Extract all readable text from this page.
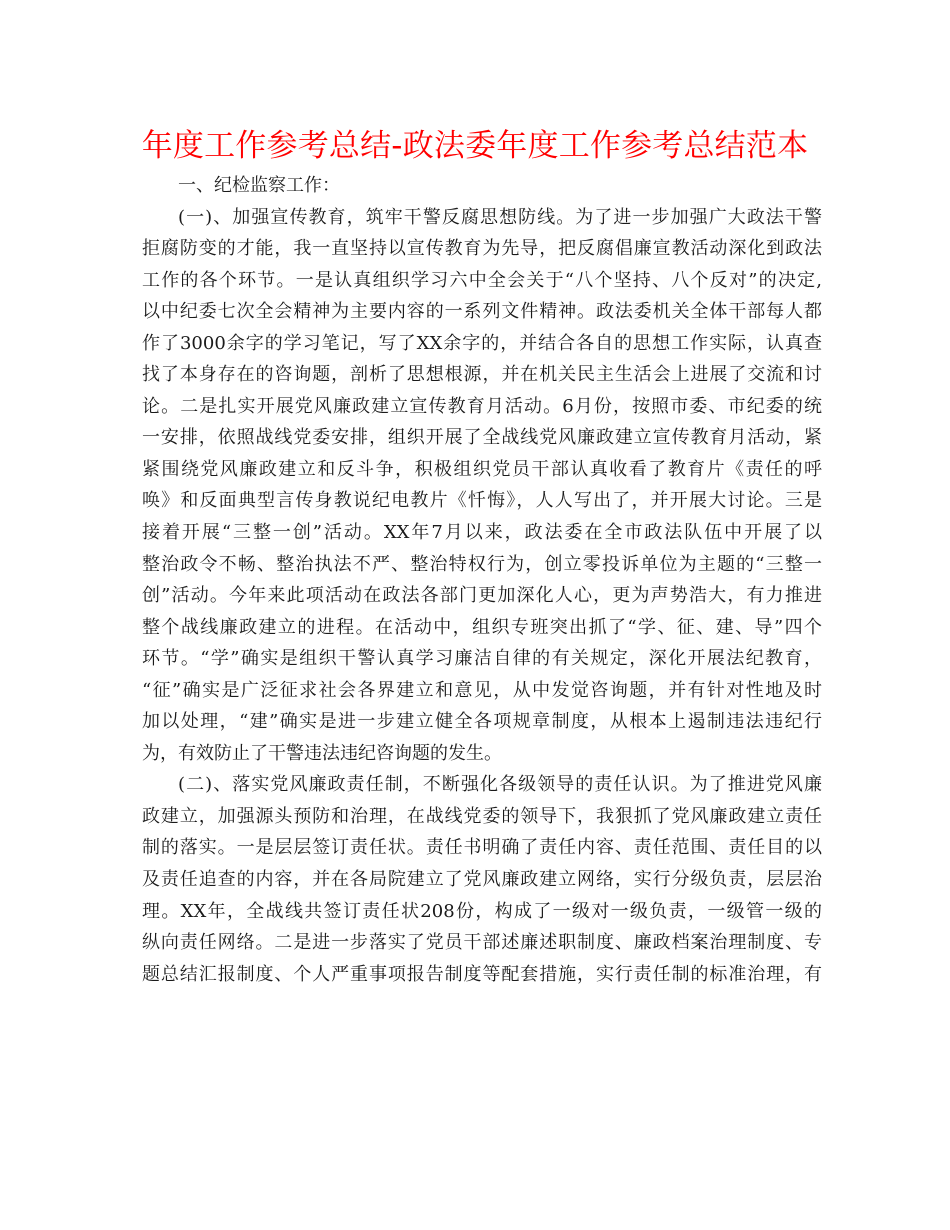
年度工作参考总结-政法委年度工作参考总结范本
一、纪检监察工作：
(一)、加强宣传教育，筑牢干警反腐思想防线。为了进一步加强广大政法干警
拒腐防变的才能，我一直坚持以宣传教育为先导，把反腐倡廉宣教活动深化到政法
工作的各个环节。一是认真组织学习六中全会关于“八个坚持、八个反对”的决定,
以中纪委七次全会精神为主要内容的一系列文件精神。政法委机关全体干部每人都
作了3000余字的学习笔记，写了XX余字的，并结合各自的思想工作实际，认真查
找了本身存在的咨询题，剖析了思想根源，并在机关民主生活会上进展了交流和讨
论。二是扎实开展党风廉政建立宣传教育月活动。6月份，按照市委、市纪委的统
一安排，依照战线党委安排，组织开展了全战线党风廉政建立宣传教育月活动，紧
紧围绕党风廉政建立和反斗争，积极组织党员干部认真收看了教育片《责任的呼
唤》和反面典型言传身教说纪电教片《忏悔》，人人写出了，并开展大讨论。三是
接着开展“三整一创”活动。XX年7月以来，政法委在全市政法队伍中开展了以
整治政令不畅、整治执法不严、整治特权行为，创立零投诉单位为主题的“三整一
创”活动。今年来此项活动在政法各部门更加深化人心，更为声势浩大，有力推进
整个战线廉政建立的进程。在活动中，组织专班突出抓了“学、征、建、导”四个
环节。“学”确实是组织干警认真学习廉洁自律的有关规定，深化开展法纪教育，
“征”确实是广泛征求社会各界建立和意见，从中发觉咨询题，并有针对性地及时
加以处理，“建”确实是进一步建立健全各项规章制度，从根本上遏制违法违纪行
为，有效防止了干警违法违纪咨询题的发生。
(二)、落实党风廉政责任制，不断强化各级领导的责任认识。为了推进党风廉
政建立，加强源头预防和治理，在战线党委的领导下，我狠抓了党风廉政建立责任
制的落实。一是层层签订责任状。责任书明确了责任内容、责任范围、责任目的以
及责任追查的内容，并在各局院建立了党风廉政建立网络，实行分级负责，层层治
理。XX年，全战线共签订责任状208份，构成了一级对一级负责，一级管一级的
纵向责任网络。二是进一步落实了党员干部述廉述职制度、廉政档案治理制度、专
题总结汇报制度、个人严重事项报告制度等配套措施，实行责任制的标准治理，有
